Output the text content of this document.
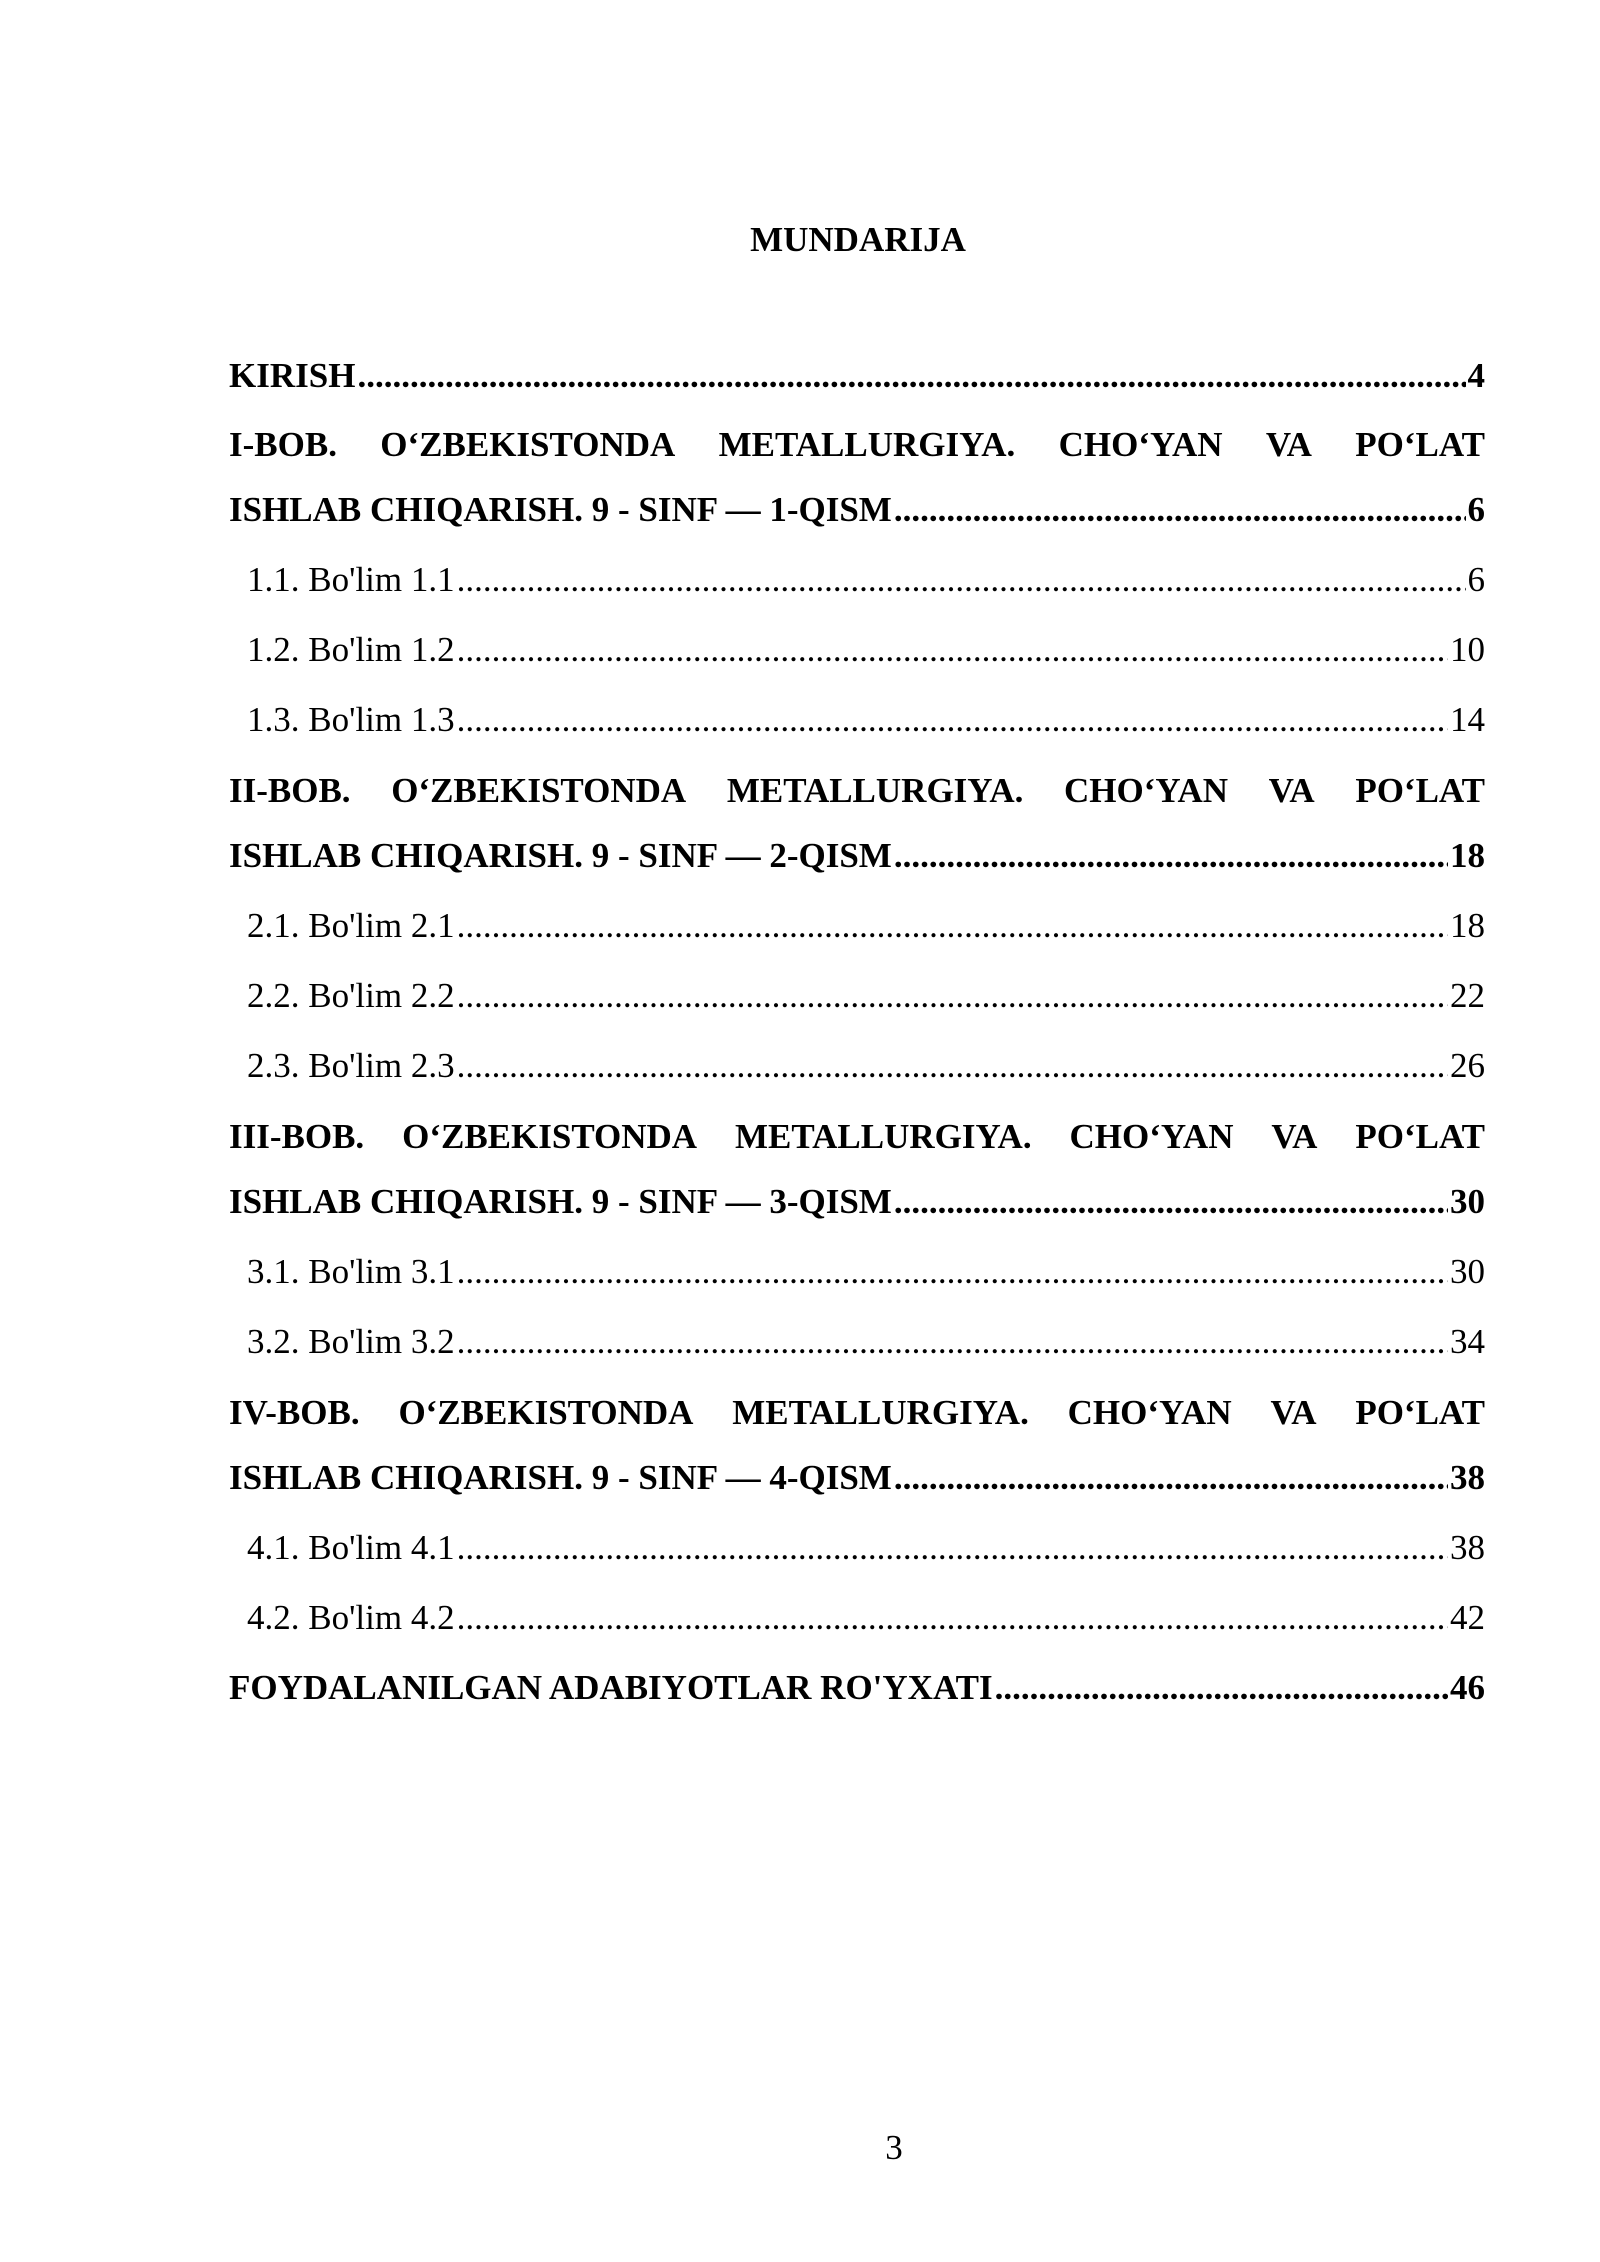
MUNDARIJA
KIRISH .....	4
I-BOB. O‘ZBEKISTONDA METALLURGIYA. CHO‘YAN VA PO‘LAT
ISHLAB CHIQARISH. 9 - SINF — 1-QISM .....	6
1.1. Bo'lim 1.1 .....	6
1.2. Bo'lim 1.2 .....	10
1.3. Bo'lim 1.3 .....	14
II-BOB. O‘ZBEKISTONDA METALLURGIYA. CHO‘YAN VA PO‘LAT
ISHLAB CHIQARISH. 9 - SINF — 2-QISM .....	18
2.1. Bo'lim 2.1 .....	18
2.2. Bo'lim 2.2 .....	22
2.3. Bo'lim 2.3 .....	26
III-BOB. O‘ZBEKISTONDA METALLURGIYA. CHO‘YAN VA PO‘LAT
ISHLAB CHIQARISH. 9 - SINF — 3-QISM .....	30
3.1. Bo'lim 3.1 .....	30
3.2. Bo'lim 3.2 .....	34
IV-BOB. O‘ZBEKISTONDA METALLURGIYA. CHO‘YAN VA PO‘LAT
ISHLAB CHIQARISH. 9 - SINF — 4-QISM .....	38
4.1. Bo'lim 4.1 .....	38
4.2. Bo'lim 4.2 .....	42
FOYDALANILGAN ADABIYOTLAR RO'YXATI .....	46
3
